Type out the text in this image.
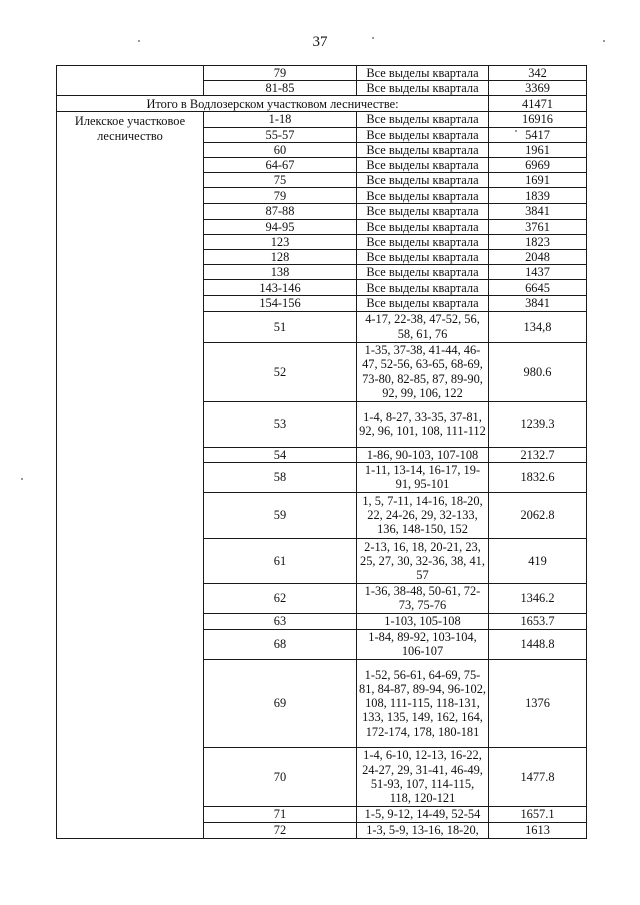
37
	79	Все выделы квартала	342
	81-85	Все выделы квартала	3369
Итого в Водлозерском участковом лесничестве:			41471
Илекское участковое лесничество	1-18	Все выделы квартала	16916
	55-57	Все выделы квартала	5417
	60	Все выделы квартала	1961
	64-67	Все выделы квартала	6969
	75	Все выделы квартала	1691
	79	Все выделы квартала	1839
	87-88	Все выделы квартала	3841
	94-95	Все выделы квартала	3761
	123	Все выделы квартала	1823
	128	Все выделы квартала	2048
	138	Все выделы квартала	1437
	143-146	Все выделы квартала	6645
	154-156	Все выделы квартала	3841
	51	4-17, 22-38, 47-52, 56, 58, 61, 76	134,8
	52	1-35, 37-38, 41-44, 46-47, 52-56, 63-65, 68-69, 73-80, 82-85, 87, 89-90, 92, 99, 106, 122	980.6
	53	1-4, 8-27, 33-35, 37-81, 92, 96, 101, 108, 111-112	1239.3
	54	1-86, 90-103, 107-108	2132.7
	58	1-11, 13-14, 16-17, 19-91, 95-101	1832.6
	59	1, 5, 7-11, 14-16, 18-20, 22, 24-26, 29, 32-133, 136, 148-150, 152	2062.8
	61	2-13, 16, 18, 20-21, 23, 25, 27, 30, 32-36, 38, 41, 57	419
	62	1-36, 38-48, 50-61, 72-73, 75-76	1346.2
	63	1-103, 105-108	1653.7
	68	1-84, 89-92, 103-104, 106-107	1448.8
	69	1-52, 56-61, 64-69, 75-81, 84-87, 89-94, 96-102, 108, 111-115, 118-131, 133, 135, 149, 162, 164, 172-174, 178, 180-181	1376
	70	1-4, 6-10, 12-13, 16-22, 24-27, 29, 31-41, 46-49, 51-93, 107, 114-115, 118, 120-121	1477.8
	71	1-5, 9-12, 14-49, 52-54	1657.1
	72	1-3, 5-9, 13-16, 18-20,	1613
